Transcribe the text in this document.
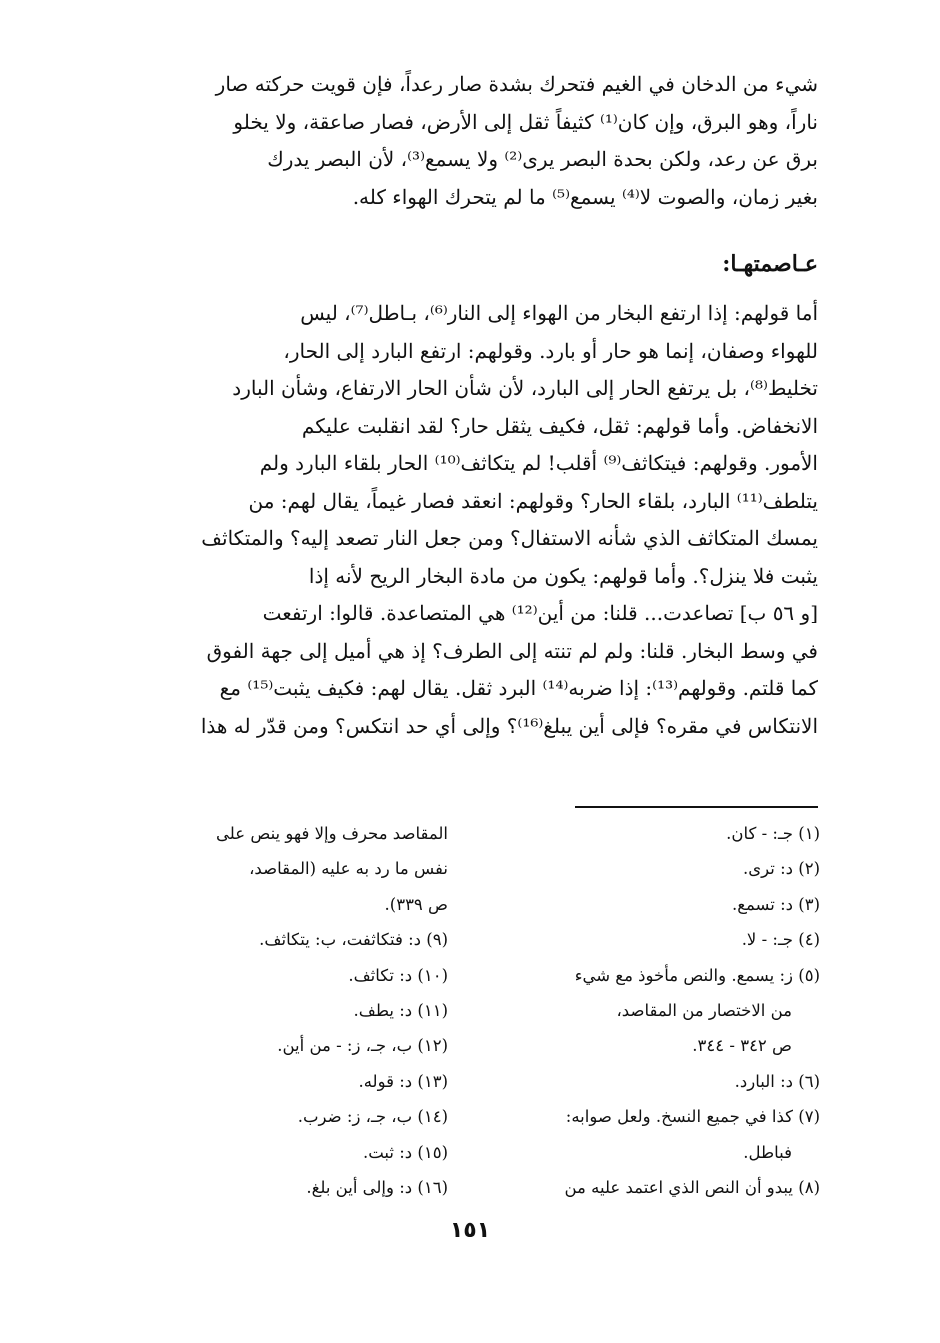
شيء من الدخان في الغيم فتحرك بشدة صار رعداً، فإن قويت حركته صار
ناراً، وهو البرق، وإن كان⁽¹⁾ كثيفاً ثقل إلى الأرض، فصار صاعقة، ولا يخلو
برق عن رعد، ولكن بحدة البصر يرى⁽²⁾ ولا يسمع⁽³⁾، لأن البصر يدرك
بغير زمان، والصوت لا⁽⁴⁾ يسمع⁽⁵⁾ ما لم يتحرك الهواء كله.
عـاصمتهـا:
أما قولهم: إذا ارتفع البخار من الهواء إلى النار⁽⁶⁾، بـاطل⁽⁷⁾، ليس
للهواء وصفان، إنما هو حار أو بارد. وقولهم: ارتفع البارد إلى الحار،
تخليط⁽⁸⁾، بل يرتفع الحار إلى البارد، لأن شأن الحار الارتفاع، وشأن البارد
الانخفاض. وأما قولهم: ثقل، فكيف يثقل حار؟ لقد انقلبت عليكم
الأمور. وقولهم: فيتكاثف⁽⁹⁾ أقلب! لم يتكاثف⁽¹⁰⁾ الحار بلقاء البارد ولم
يتلطف⁽¹¹⁾ البارد، بلقاء الحار؟ وقولهم: انعقد فصار غيماً، يقال لهم: من
يمسك المتكاثف الذي شأنه الاستفال؟ ومن جعل النار تصعد إليه؟ والمتكاثف
يثبت فلا ينزل؟. وأما قولهم: يكون من مادة البخار الريح لأنه إذا
[و ٥٦ ب] تصاعدت... قلنا: من أين⁽¹²⁾ هي المتصاعدة. قالوا: ارتفعت
في وسط البخار. قلنا: ولم لم تنته إلى الطرف؟ إذ هي أميل إلى جهة الفوق
كما قلتم. وقولهم⁽¹³⁾: إذا ضربه⁽¹⁴⁾ البرد ثقل. يقال لهم: فكيف يثبت⁽¹⁵⁾ مع
الانتكاس في مقره؟ فإلى أين يبلغ⁽¹⁶⁾؟ وإلى أي حد انتكس؟ ومن قدّر له هذا
(١) جـ: - كان.
(٢) د: ترى.
(٣) د: تسمع.
(٤) جـ: - لا.
(٥) ز: يسمع. والنص مأخوذ مع شيء
من الاختصار من المقاصد،
ص ٣٤٢ - ٣٤٤.
(٦) د: البارد.
(٧) كذا في جميع النسخ. ولعل صوابه:
فباطل.
(٨) يبدو أن النص الذي اعتمد عليه من
المقاصد محرف وإلا فهو ينص على
نفس ما رد به عليه (المقاصد،
ص ٣٣٩).
(٩) د: فتكاثفت، ب: يتكاثف.
(١٠) د: تكاثف.
(١١) د: يطف.
(١٢) ب، جـ، ز: - من أين.
(١٣) د: قوله.
(١٤) ب، جـ، ز: ضرب.
(١٥) د: ثبت.
(١٦) د: وإلى أين بلغ.
١٥١
